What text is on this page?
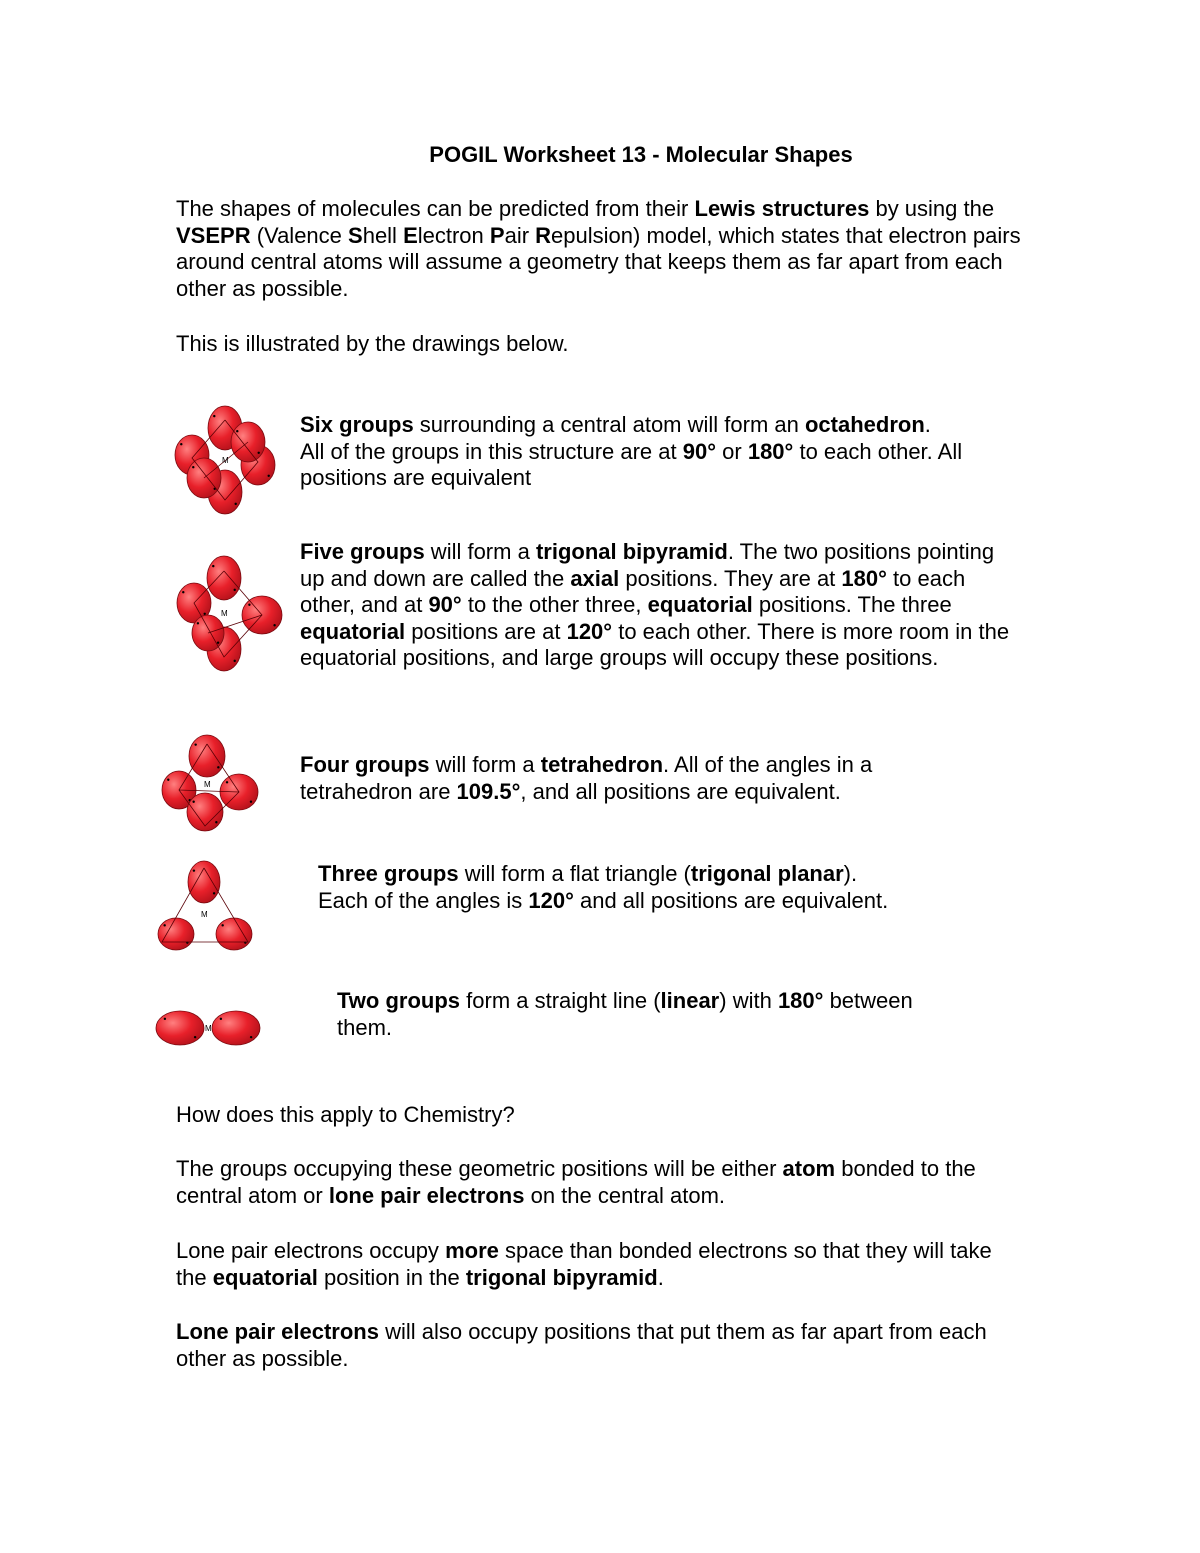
POGIL Worksheet 13 - Molecular Shapes
The shapes of molecules can be predicted from their Lewis structures by using the VSEPR (Valence Shell Electron Pair Repulsion) model, which states that electron pairs around central atoms will assume a geometry that keeps them as far apart from each other as possible.
This is illustrated by the drawings below.
M
Six groups surrounding a central atom will form an octahedron.
All of the groups in this structure are at 90° or 180° to each other. All positions are equivalent
M
Five groups will form a trigonal bipyramid. The two positions pointing up and down are called the axial positions. They are at 180° to each other, and at 90° to the other three, equatorial positions. The three equatorial positions are at 120° to each other. There is more room in the equatorial positions, and large groups will occupy these positions.
M
Four groups will form a tetrahedron. All of the angles in a tetrahedron are 109.5°, and all positions are equivalent.
M
Three groups will form a flat triangle (trigonal planar).
Each of the angles is 120° and all positions are equivalent.
M
Two groups form a straight line (linear) with 180° between them.
How does this apply to Chemistry?
The groups occupying these geometric positions will be either atom bonded to the central atom or lone pair electrons on the central atom.
Lone pair electrons occupy more space than bonded electrons so that they will take the equatorial position in the trigonal bipyramid.
Lone pair electrons will also occupy positions that put them as far apart from each other as possible.
